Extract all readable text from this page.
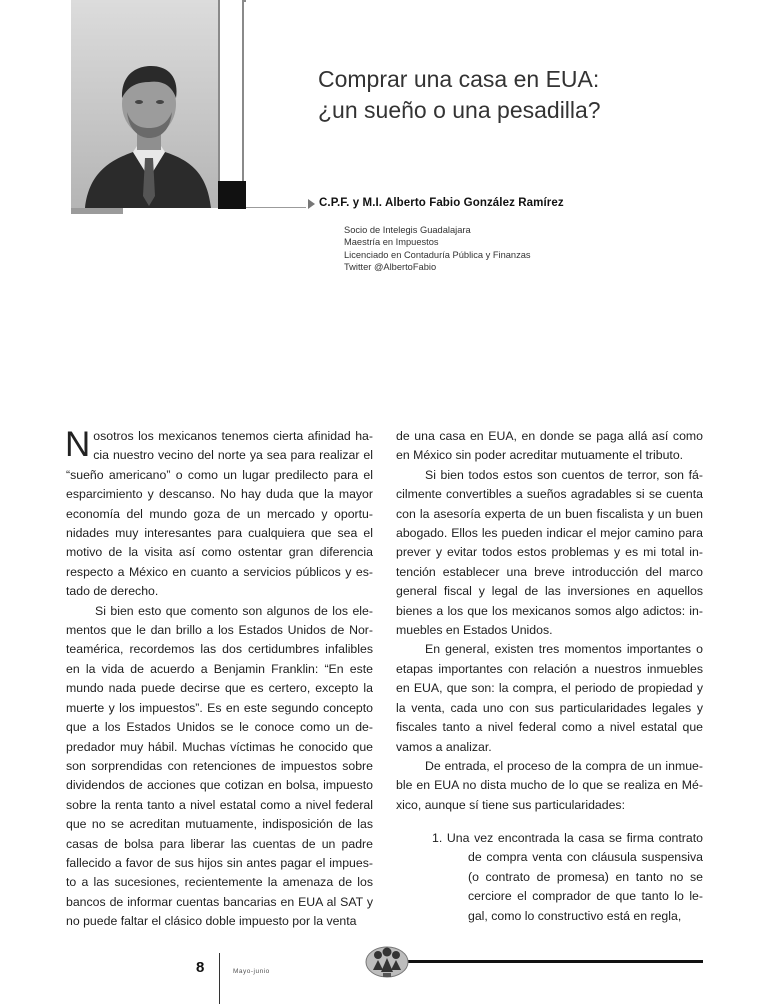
Comprar una casa en EUA:
¿un sueño o una pesadilla?
C.P.F. y M.I. Alberto Fabio González Ramírez
Socio de Intelegis Guadalajara
Maestría en Impuestos
Licenciado en Contaduría Pública y Finanzas
Twitter @AlbertoFabio

Nosotros los mexicanos tenemos cierta afinidad hacia nuestro vecino del norte ya sea para realizar el “sueño americano” o como un lugar predilecto para el esparcimiento y descanso. No hay duda que la mayor economía del mundo goza de un mercado y oportunidades muy interesantes para cualquiera que sea el motivo de la visita así como ostentar gran diferencia respecto a México en cuanto a servicios públicos y estado de derecho.

Si bien esto que comento son algunos de los elementos que le dan brillo a los Estados Unidos de Norteamérica, recordemos las dos certidumbres infalibles en la vida de acuerdo a Benjamin Franklin: “En este mundo nada puede decirse que es certero, excepto la muerte y los impuestos”. Es en este segundo concepto que a los Estados Unidos se le conoce como un depredador muy hábil. Muchas víctimas he conocido que son sorprendidas con retenciones de impuestos sobre dividendos de acciones que cotizan en bolsa, impuesto sobre la renta tanto a nivel estatal como a nivel federal que no se acreditan mutuamente, indisposición de las casas de bolsa para liberar las cuentas de un padre fallecido a favor de sus hijos sin antes pagar el impuesto a las sucesiones, recientemente la amenaza de los bancos de informar cuentas bancarias en EUA al SAT y no puede faltar el clásico doble impuesto por la venta

de una casa en EUA, en donde se paga allá así como en México sin poder acreditar mutuamente el tributo.

Si bien todos estos son cuentos de terror, son fácilmente convertibles a sueños agradables si se cuenta con la asesoría experta de un buen fiscalista y un buen abogado. Ellos les pueden indicar el mejor camino para prever y evitar todos estos problemas y es mi total intención establecer una breve introducción del marco general fiscal y legal de las inversiones en aquellos bienes a los que los mexicanos somos algo adictos: inmuebles en Estados Unidos.

En general, existen tres momentos importantes o etapas importantes con relación a nuestros inmuebles en EUA, que son: la compra, el periodo de propiedad y la venta, cada uno con sus particularidades legales y fiscales tanto a nivel federal como a nivel estatal que vamos a analizar.

De entrada, el proceso de la compra de un inmueble en EUA no dista mucho de lo que se realiza en México, aunque sí tiene sus particularidades:

1. Una vez encontrada la casa se firma contrato de compra venta con cláusula suspensiva (o contrato de promesa) en tanto no se cerciore el comprador de que tanto lo legal, como lo constructivo está en regla,
8	Mayo-junio
